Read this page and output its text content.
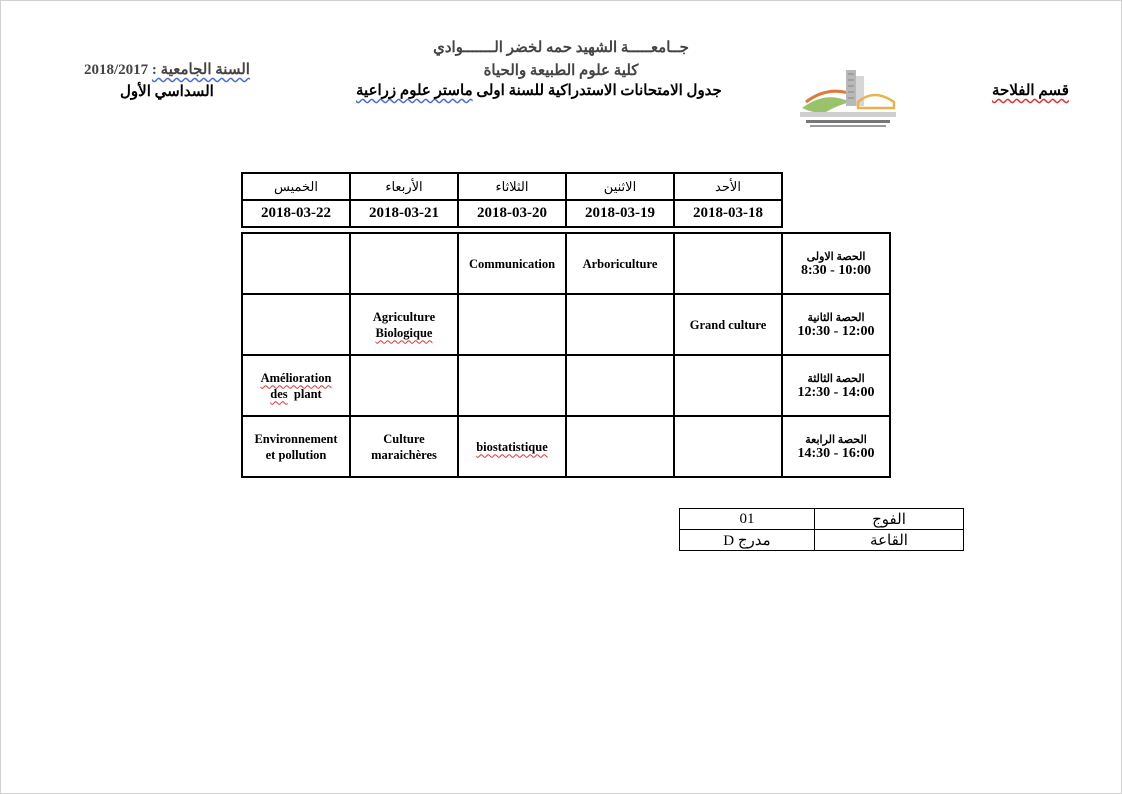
جــامعـــــة الشهيد حمه لخضر الـــــــوادي
كلية علوم الطبيعة والحياة
السنة الجامعية : 2018/2017
السداسي الأول	جدول الامتحانات الاستدراكية للسنة اولى ماستر علوم زراعية	قسم الفلاحة
الخميس	الأربعاء	الثلاثاء	الاثنين	الأحد	
2018-03-22	2018-03-21	2018-03-20	2018-03-19	2018-03-18	

		Communication	Arboriculture		الحصة الاولى
8:30 - 10:00

	Agriculture
Biologique			Grand culture	الحصة الثانية
10:30 - 12:00

Amélioration
des plant					الحصة الثالثة
12:30 - 14:00

Environnement
et pollution	Culture
maraichères	biostatistique			الحصة الرابعة
14:30 - 16:00
01	الفوج
مدرج D	القاعة
